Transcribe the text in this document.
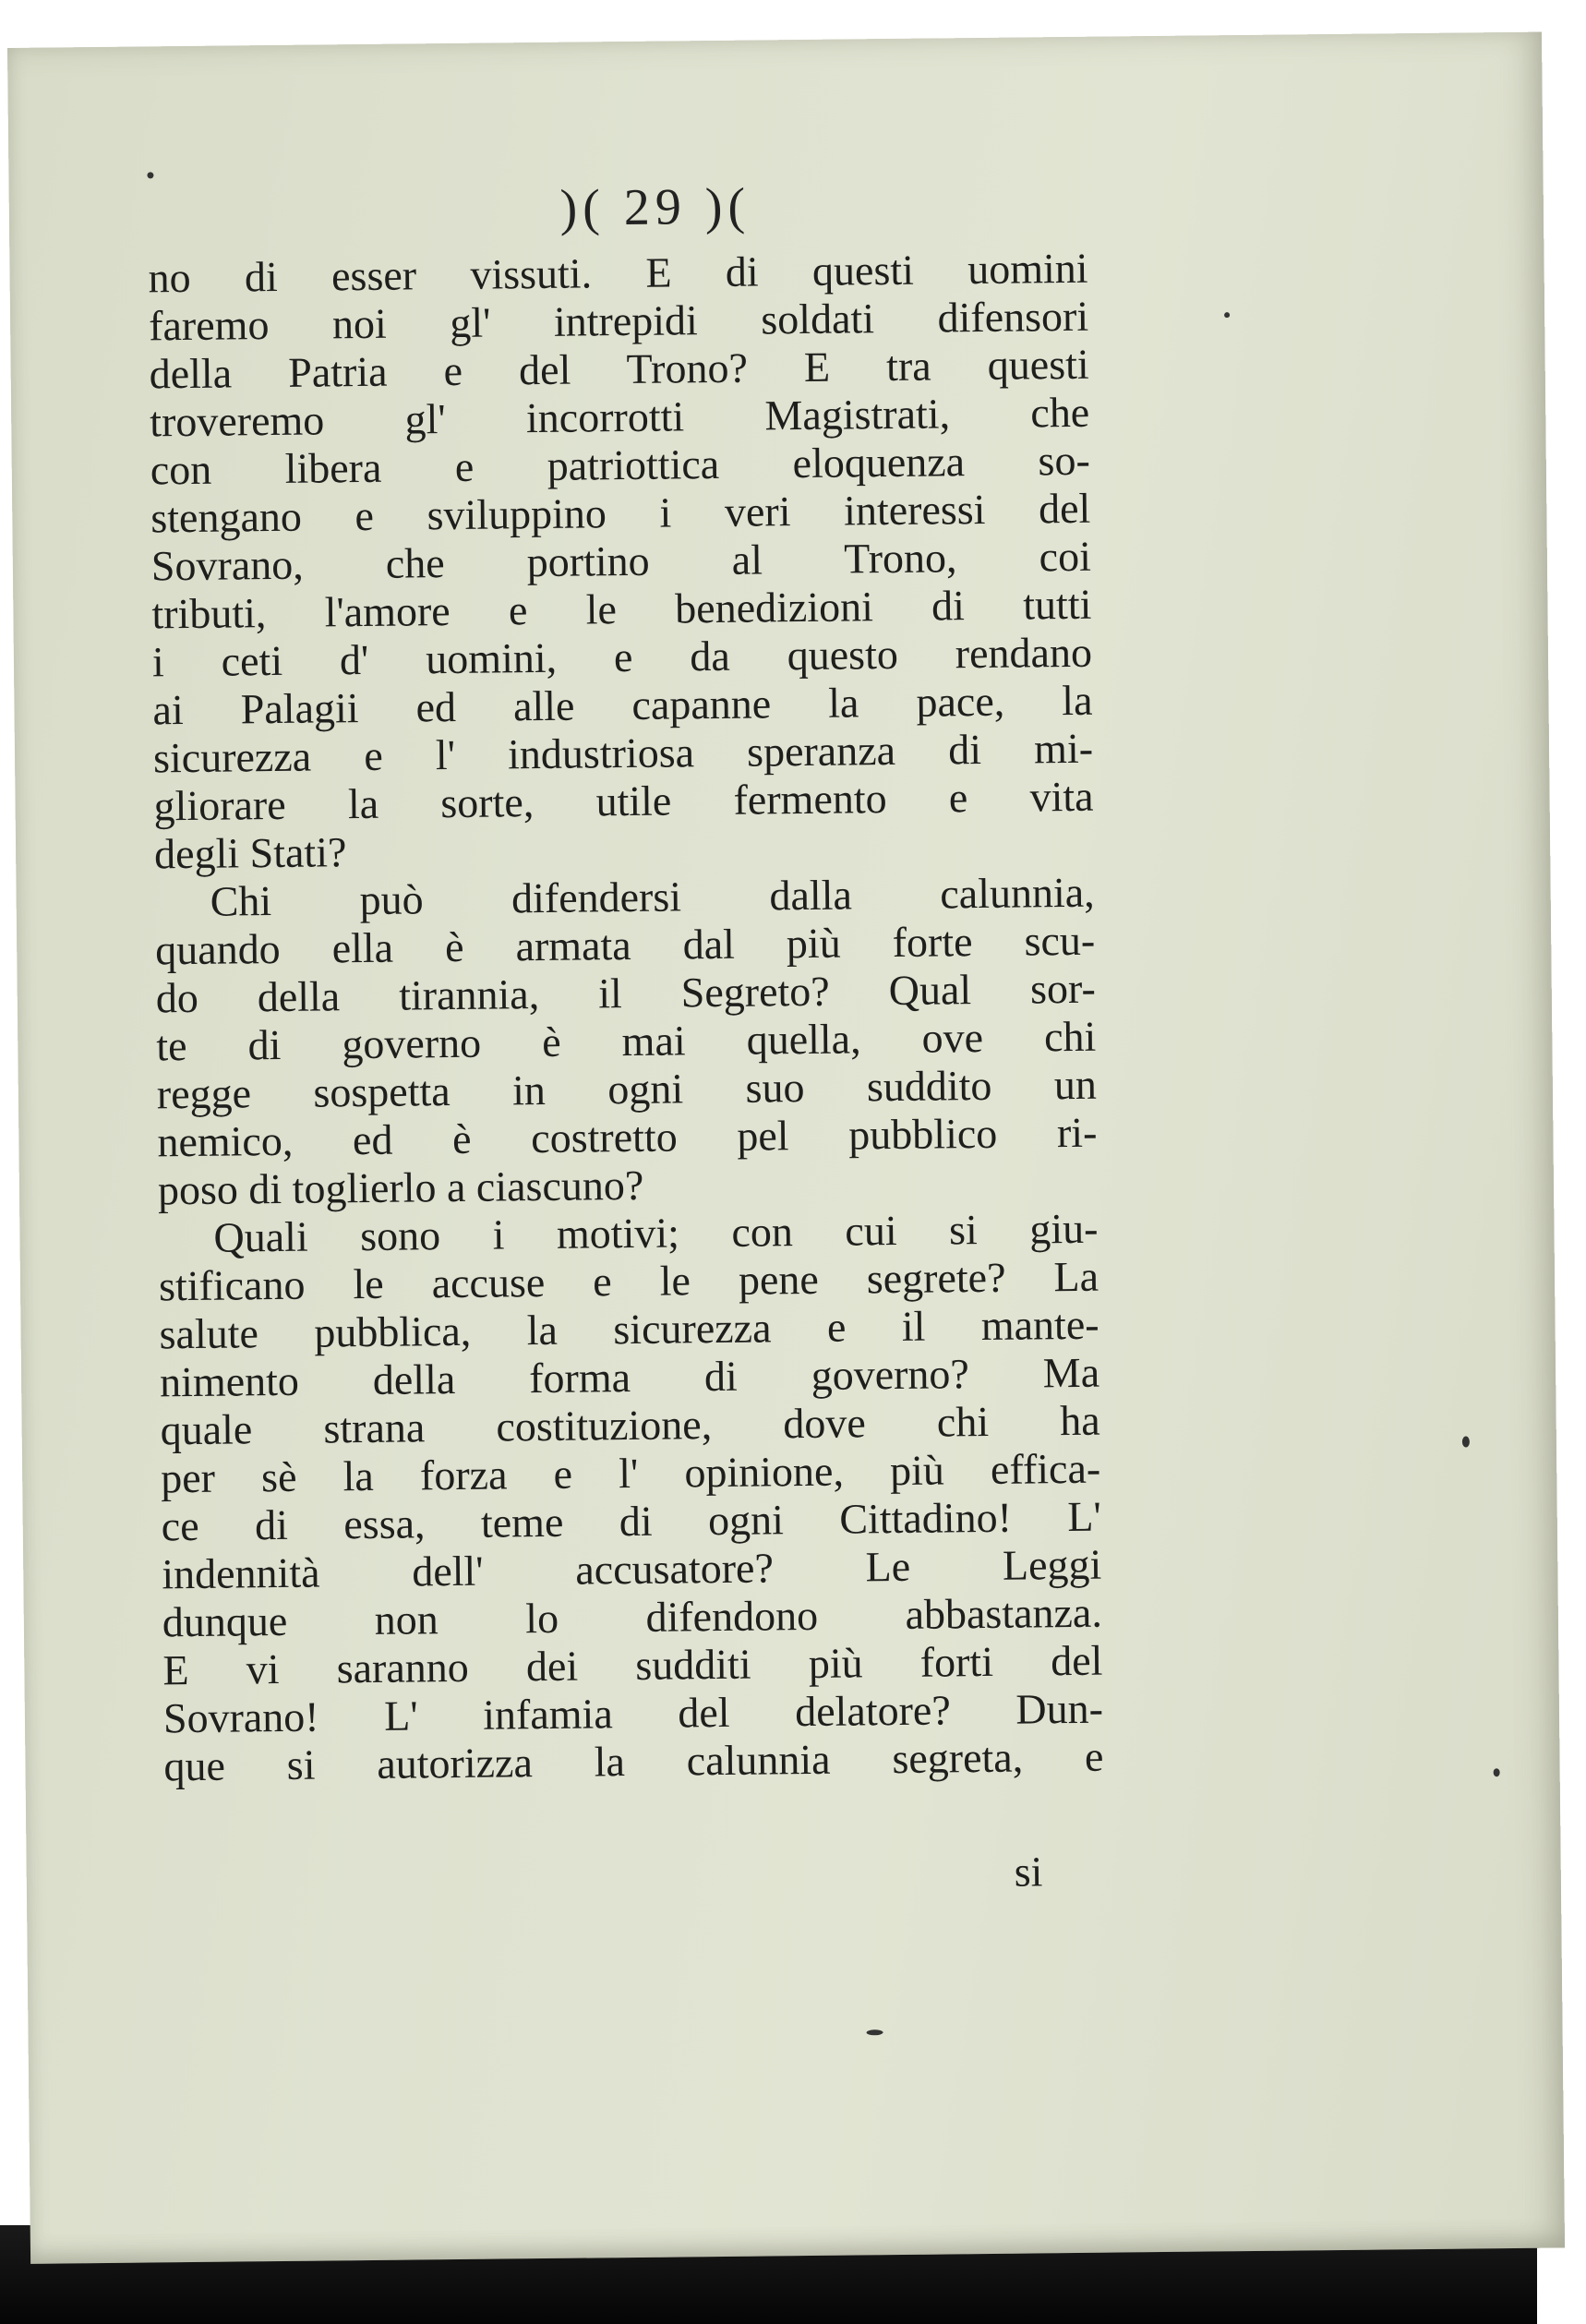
)( 29 )(

no di esser vissuti. E di questi uomini
faremo noi gl' intrepidi soldati difensori
della Patria e del Trono? E tra questi
troveremo gl' incorrotti Magistrati, che
con libera e patriottica eloquenza so-
stengano e sviluppino i veri interessi del
Sovrano, che portino al Trono, coi
tributi, l'amore e le benedizioni di tutti
i ceti d' uomini, e da questo rendano
ai Palagii ed alle capanne la pace, la
sicurezza e l' industriosa speranza di mi-
gliorare la sorte, utile fermento e vita
degli Stati?
Chi può difendersi dalla calunnia,
quando ella è armata dal più forte scu-
do della tirannia, il Segreto? Qual sor-
te di governo è mai quella, ove chi
regge sospetta in ogni suo suddito un
nemico, ed è costretto pel pubblico ri-
poso di toglierlo a ciascuno?
Quali sono i motivi; con cui si giu-
stificano le accuse e le pene segrete? La
salute pubblica, la sicurezza e il mante-
nimento della forma di governo? Ma
quale strana costituzione, dove chi ha
per sè la forza e l' opinione, più effica-
ce di essa, teme di ogni Cittadino! L'
indennità dell' accusatore? Le Leggi
dunque non lo difendono abbastanza.
E vi saranno dei sudditi più forti del
Sovrano! L' infamia del delatore? Dun-
que si autorizza la calunnia segreta, e

si
